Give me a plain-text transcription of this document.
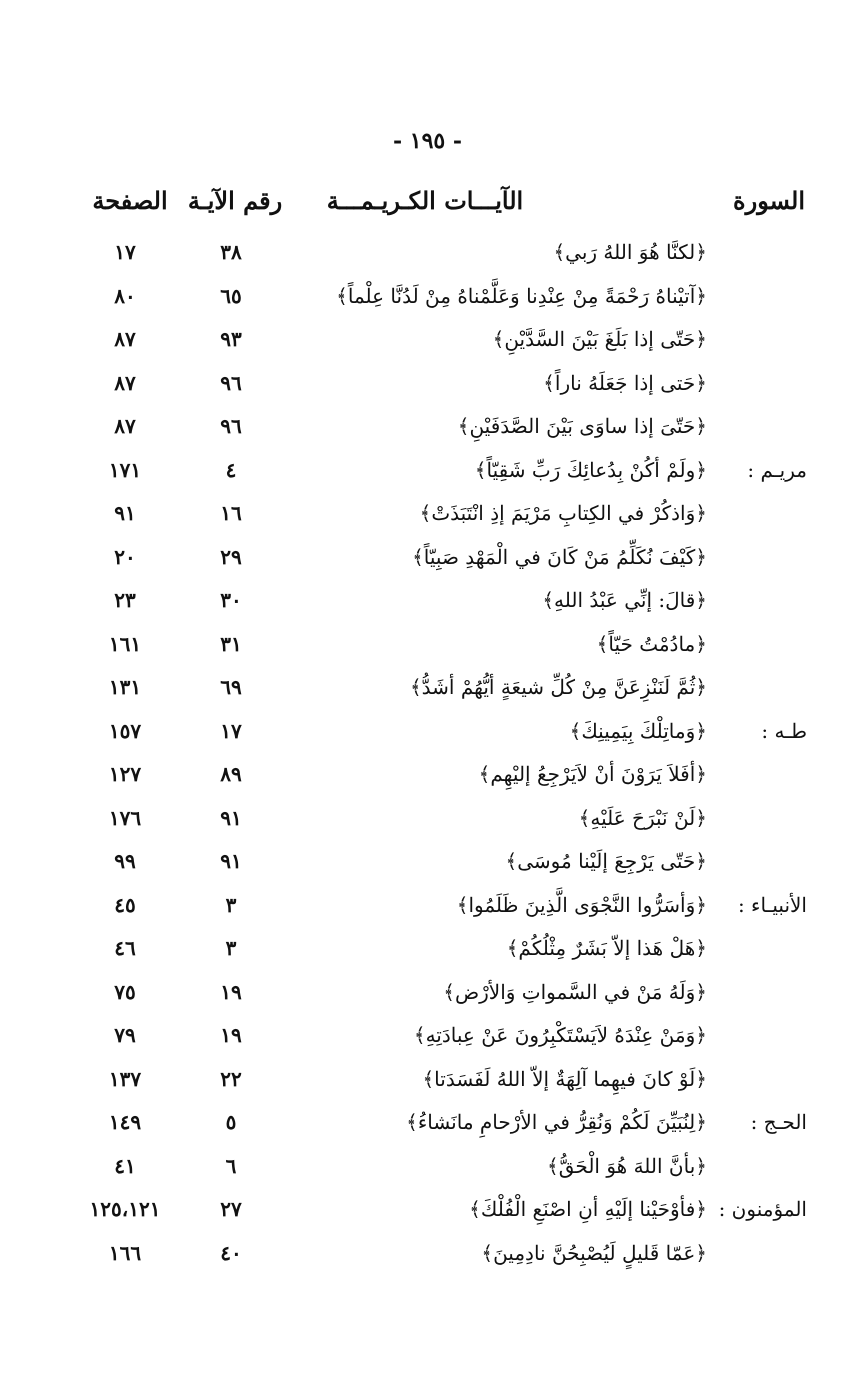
- ١٩٥ -
السورة
الآيـــات الكـريـمـــة
رقم الآيـة
الصفحة
﴿لكنَّا هُوَ اللهُ رَبي﴾
٣٨
١٧
﴿آتيْناهُ رَحْمَةً مِنْ عِنْدِنا وَعَلَّمْناهُ مِنْ لَدُنَّا عِلْماً﴾
٦٥
٨٠
﴿حَتّى إذا بَلَغَ بَيْنَ السَّدَّيْنِ﴾
٩٣
٨٧
﴿حَتى إذا جَعَلَهُ ناراً﴾
٩٦
٨٧
﴿حَتّىَ إذا ساوَى بَيْنَ الصَّدَفَيْنِ﴾
٩٦
٨٧
مريـم :
﴿ولَمْ أكُنْ بِدُعائِكَ رَبِّ شَقِيّاً﴾
٤
١٧١
﴿وَاذكُرْ في الكِتابِ مَرْيَمَ إذِ انْتَبَذَتْ﴾
١٦
٩١
﴿كَيْفَ نُكَلِّمُ مَنْ كَانَ في الْمَهْدِ صَبِيّاً﴾
٢٩
٢٠
﴿قالَ: إنِّي عَبْدُ اللهِ﴾
٣٠
٢٣
﴿مادُمْتُ حَيّاً﴾
٣١
١٦١
﴿ثُمَّ لَنَنْزِعَنَّ مِنْ كُلِّ شيعَةٍ أيُّهُمْ أشَدُّ﴾
٦٩
١٣١
طـه :
﴿وَماتِلْكَ بِيَمِينِكَ﴾
١٧
١٥٧
﴿أفَلاَ يَرَوْنَ أنْ لاَيَرْجِعُ إليْهِم﴾
٨٩
١٢٧
﴿لَنْ نَبْرَحَ عَلَيْهِ﴾
٩١
١٧٦
﴿حَتّى يَرْجِعَ إلَيْنا مُوسَى﴾
٩١
٩٩
الأنبيـاء :
﴿وَأسَرُّوا النَّجْوَى الَّذِينَ ظَلَمُوا﴾
٣
٤٥
﴿هَلْ هَذا إلاّ بَشَرٌ مِثْلُكُمْ﴾
٣
٤٦
﴿وَلَهُ مَنْ في السَّمواتِ وَالأرْض﴾
١٩
٧٥
﴿وَمَنْ عِنْدَهُ لاَيَسْتَكْبِرُونَ عَنْ عِبادَتِهِ﴾
١٩
٧٩
﴿لَوْ كانَ فيهِما آلِهَةٌ إلاّ اللهُ لَفَسَدَتا﴾
٢٢
١٣٧
الحـج :
﴿لِنُبَيِّنَ لَكُمْ وَنُقِرُّ في الأرْحامِ مانَشاءُ﴾
٥
١٤٩
﴿بأنَّ اللهَ هُوَ الْحَقُّ﴾
٦
٤١
المؤمنون :
﴿فأوْحَيْنا إلَيْهِ أنِ اصْنَعِ الْفُلْكَ﴾
٢٧
١٢٥،١٢١
﴿عَمّا قَليلٍ لَيُصْبِحُنَّ نادِمِينَ﴾
٤٠
١٦٦
